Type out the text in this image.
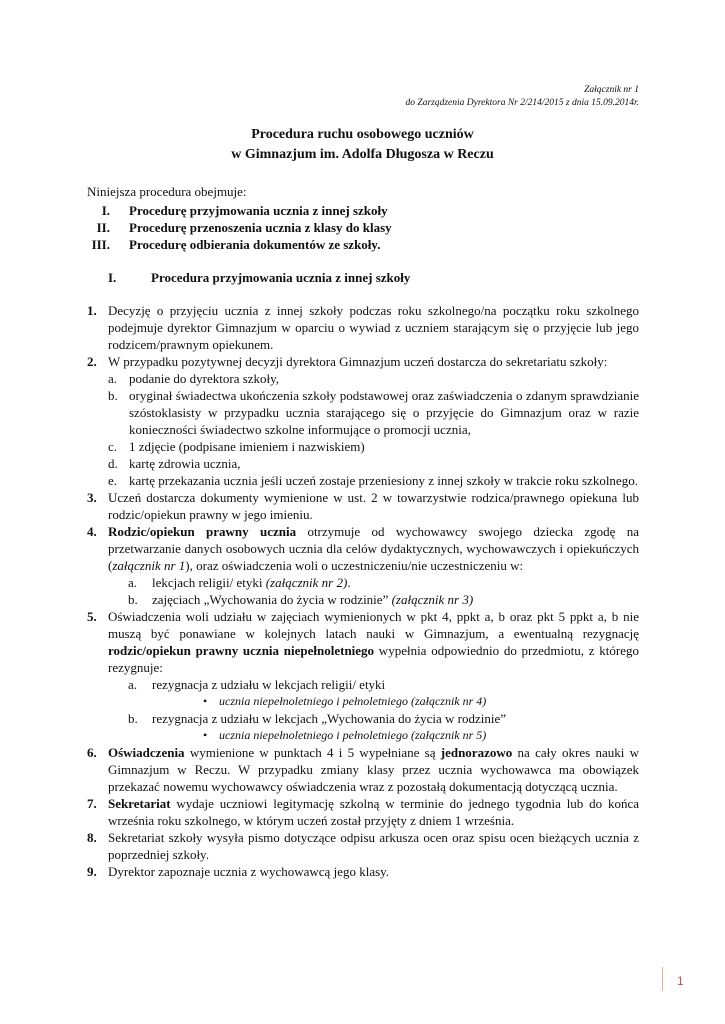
Załącznik nr 1
do Zarządzenia Dyrektora Nr 2/214/2015 z dnia 15.09.2014r.
Procedura ruchu osobowego uczniów
w Gimnazjum im. Adolfa Długosza w Reczu
Niniejsza procedura obejmuje:
I. Procedurę przyjmowania ucznia z innej szkoły
II. Procedurę przenoszenia ucznia z klasy do klasy
III. Procedurę odbierania dokumentów ze szkoły.
I.	Procedura przyjmowania ucznia z innej szkoły
1. Decyzję o przyjęciu ucznia z innej szkoły podczas roku szkolnego/na początku roku szkolnego podejmuje dyrektor Gimnazjum w oparciu o wywiad z uczniem starającym się o przyjęcie lub jego rodzicem/prawnym opiekunem.
2. W przypadku pozytywnej decyzji dyrektora Gimnazjum uczeń dostarcza do sekretariatu szkoły:
a. podanie do dyrektora szkoły,
b. oryginał świadectwa ukończenia szkoły podstawowej oraz zaświadczenia o zdanym sprawdzianie szóstoklasisty w przypadku ucznia starającego się o przyjęcie do Gimnazjum oraz w razie konieczności świadectwo szkolne informujące o promocji ucznia,
c. 1 zdjęcie (podpisane imieniem i nazwiskiem)
d. kartę zdrowia ucznia,
e. kartę przekazania ucznia jeśli uczeń zostaje przeniesiony z innej szkoły w trakcie roku szkolnego.
3. Uczeń dostarcza dokumenty wymienione w ust. 2 w towarzystwie rodzica/prawnego opiekuna lub rodzic/opiekun prawny w jego imieniu.
4. Rodzic/opiekun prawny ucznia otrzymuje od wychowawcy swojego dziecka zgodę na przetwarzanie danych osobowych ucznia dla celów dydaktycznych, wychowawczych i opiekuńczych (załącznik nr 1), oraz oświadczenia woli o uczestniczeniu/nie uczestniczeniu w:
a.	lekcjach religii/ etyki (załącznik nr 2).
b.	zajęciach „Wychowania do życia w rodzinie” (załącznik nr 3)
5. Oświadczenia woli udziału w zajęciach wymienionych w pkt 4, ppkt a, b oraz pkt 5 ppkt a, b nie muszą być ponawiane w kolejnych latach nauki w Gimnazjum, a ewentualną rezygnację rodzic/opiekun prawny ucznia niepełnoletniego wypełnia odpowiednio do przedmiotu, z którego rezygnuje:
a.	rezygnacja z udziału w lekcjach religii/ etyki
• uczniа niepełnoletniego i pełnoletniego (załącznik nr 4)
b.	rezygnacja z udziału w lekcjach „Wychowania do życia w rodzinie”
• ucznia niepełnoletniego i pełnoletniego (załącznik nr 5)
6. Oświadczenia wymienione w punktach 4 i 5 wypełniane są jednorazowo na cały okres nauki w Gimnazjum w Reczu. W przypadku zmiany klasy przez ucznia wychowawca ma obowiązek przekazać nowemu wychowawcy oświadczenia wraz z pozostałą dokumentacją dotyczącą ucznia.
7. Sekretariat wydaje uczniowi legitymację szkolną w terminie do jednego tygodnia lub do końca września roku szkolnego, w którym uczeń został przyjęty z dniem 1 września.
8. Sekretariat szkoły wysyła pismo dotyczące odpisu arkusza ocen oraz spisu ocen bieżących ucznia z poprzedniej szkoły.
9. Dyrektor zapoznaje ucznia z wychowawcą jego klasy.
1
